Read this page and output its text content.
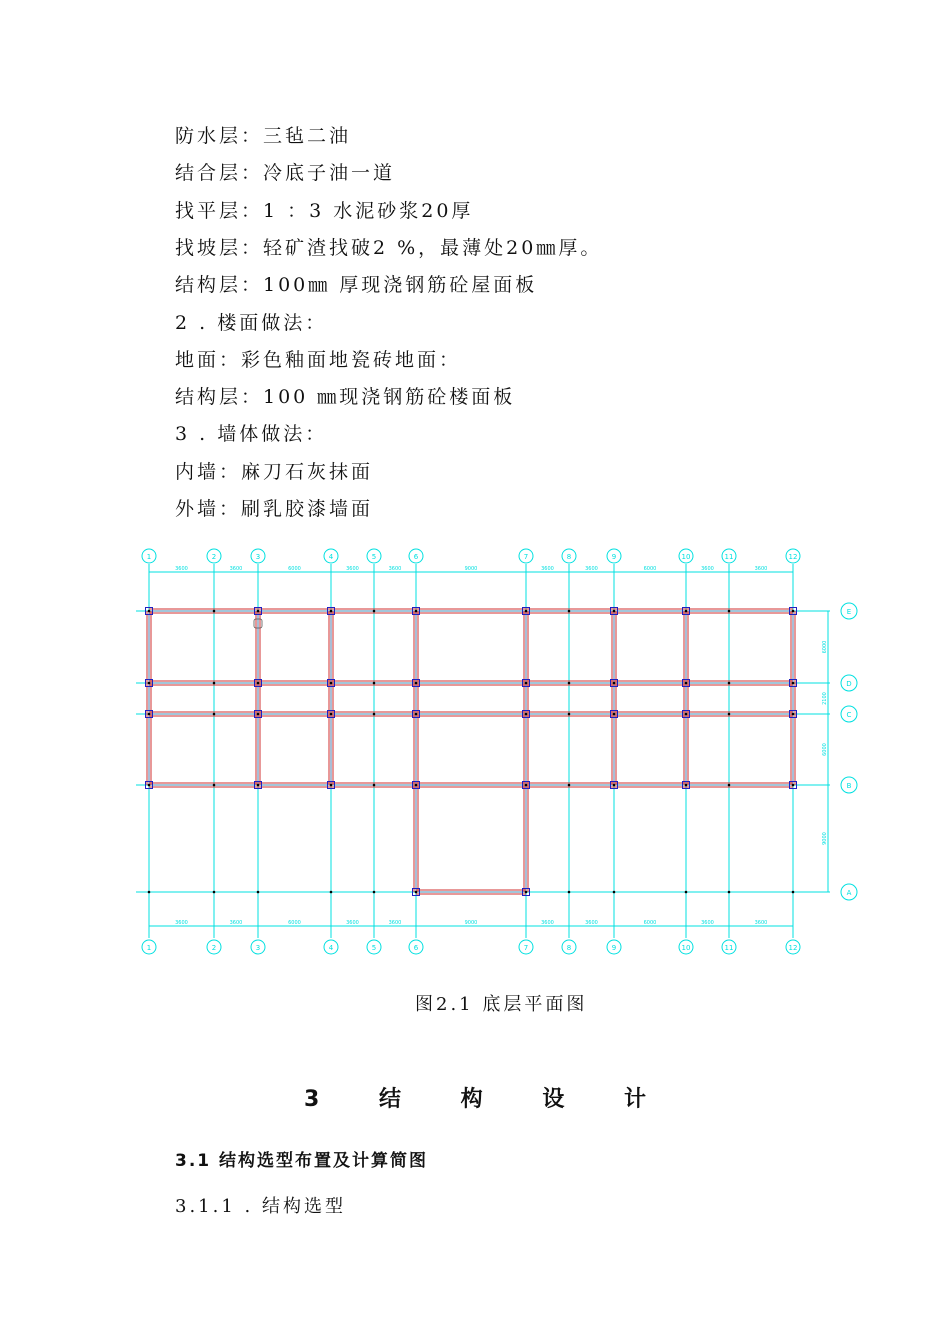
防水层：三毡二油
结合层：冷底子油一道
找平层：1 ：3 水泥砂浆20厚
找坡层：轻矿渣找破2 %，最薄处20㎜厚。
结构层：100㎜ 厚现浇钢筋砼屋面板
2 . 楼面做法：
地面：彩色釉面地瓷砖地面：
结构层：100 ㎜现浇钢筋砼楼面板
3 . 墙体做法：
内墙：麻刀石灰抹面
外墙：刷乳胶漆墙面
3600	3600	6000	3600	3600	9000	3600	3600	6000	3600	3600
3600	3600	6000	3600	3600	9000	3600	3600	6000	3600	3600
6000
2100
6000
9000
1
1
2
2
3
3
4
4
5
5
6
6
7
7
8
8
9
9
10
10
11
11
12
12
E
D
C
B
A
图2.1 底层平面图
3	结	构	设	计
3.1 结构选型布置及计算简图
3.1.1 . 结构选型
